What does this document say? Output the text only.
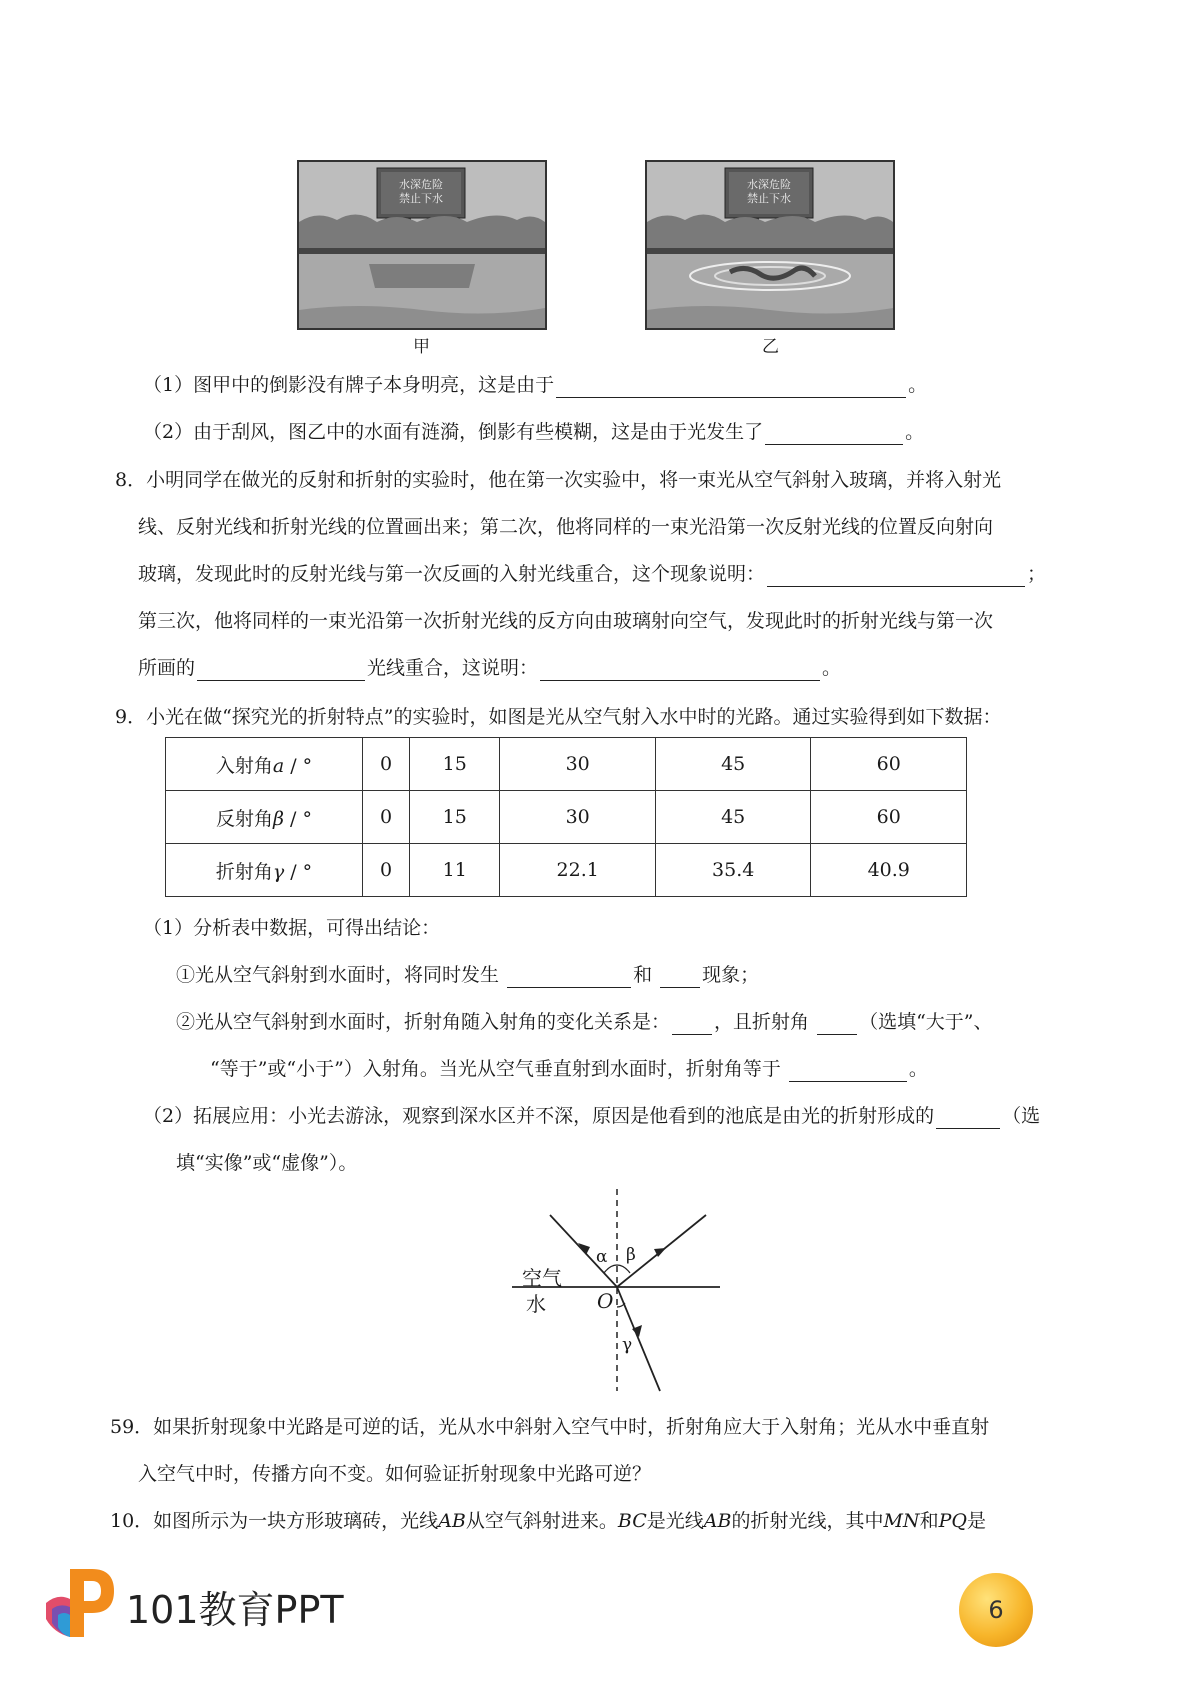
水深危险
禁止下水
甲
水深危险
禁止下水
乙
（1）图甲中的倒影没有牌子本身明亮，这是由于	。
（2）由于刮风，图乙中的水面有涟漪，倒影有些模糊，这是由于光发生了	。
8．小明同学在做光的反射和折射的实验时，他在第一次实验中，将一束光从空气斜射入玻璃，并将入射光
线、反射光线和折射光线的位置画出来；第二次，他将同样的一束光沿第一次反射光线的位置反向射向
玻璃，发现此时的反射光线与第一次反画的入射光线重合，这个现象说明：	；
第三次，他将同样的一束光沿第一次折射光线的反方向由玻璃射向空气，发现此时的折射光线与第一次
所画的	光线重合，这说明：	。
9．小光在做“探究光的折射特点”的实验时，如图是光从空气射入水中时的光路。通过实验得到如下数据：
入射角a / °	0	15	30	45	60
反射角β / °	0	15	30	45	60
折射角γ / °	0	11	22.1	35.4	40.9
（1）分析表中数据，可得出结论：
①光从空气斜射到水面时，将同时发生	和	现象；
②光从空气斜射到水面时，折射角随入射角的变化关系是： ，且折射角	（选填“大于”、
“等于”或“小于”）入射角。当光从空气垂直射到水面时，折射角等于	。
（2）拓展应用：小光去游泳，观察到深水区并不深，原因是他看到的池底是由光的折射形成的	（选
填“实像”或“虚像”）。
空气
水	O
α β
γ
59．如果折射现象中光路是可逆的话，光从水中斜射入空气中时，折射角应大于入射角；光从水中垂直射
入空气中时，传播方向不变。如何验证折射现象中光路可逆？
10．如图所示为一块方形玻璃砖，光线AB从空气斜射进来。BC是光线AB的折射光线，其中MN和PQ是
101教育PPT	6
